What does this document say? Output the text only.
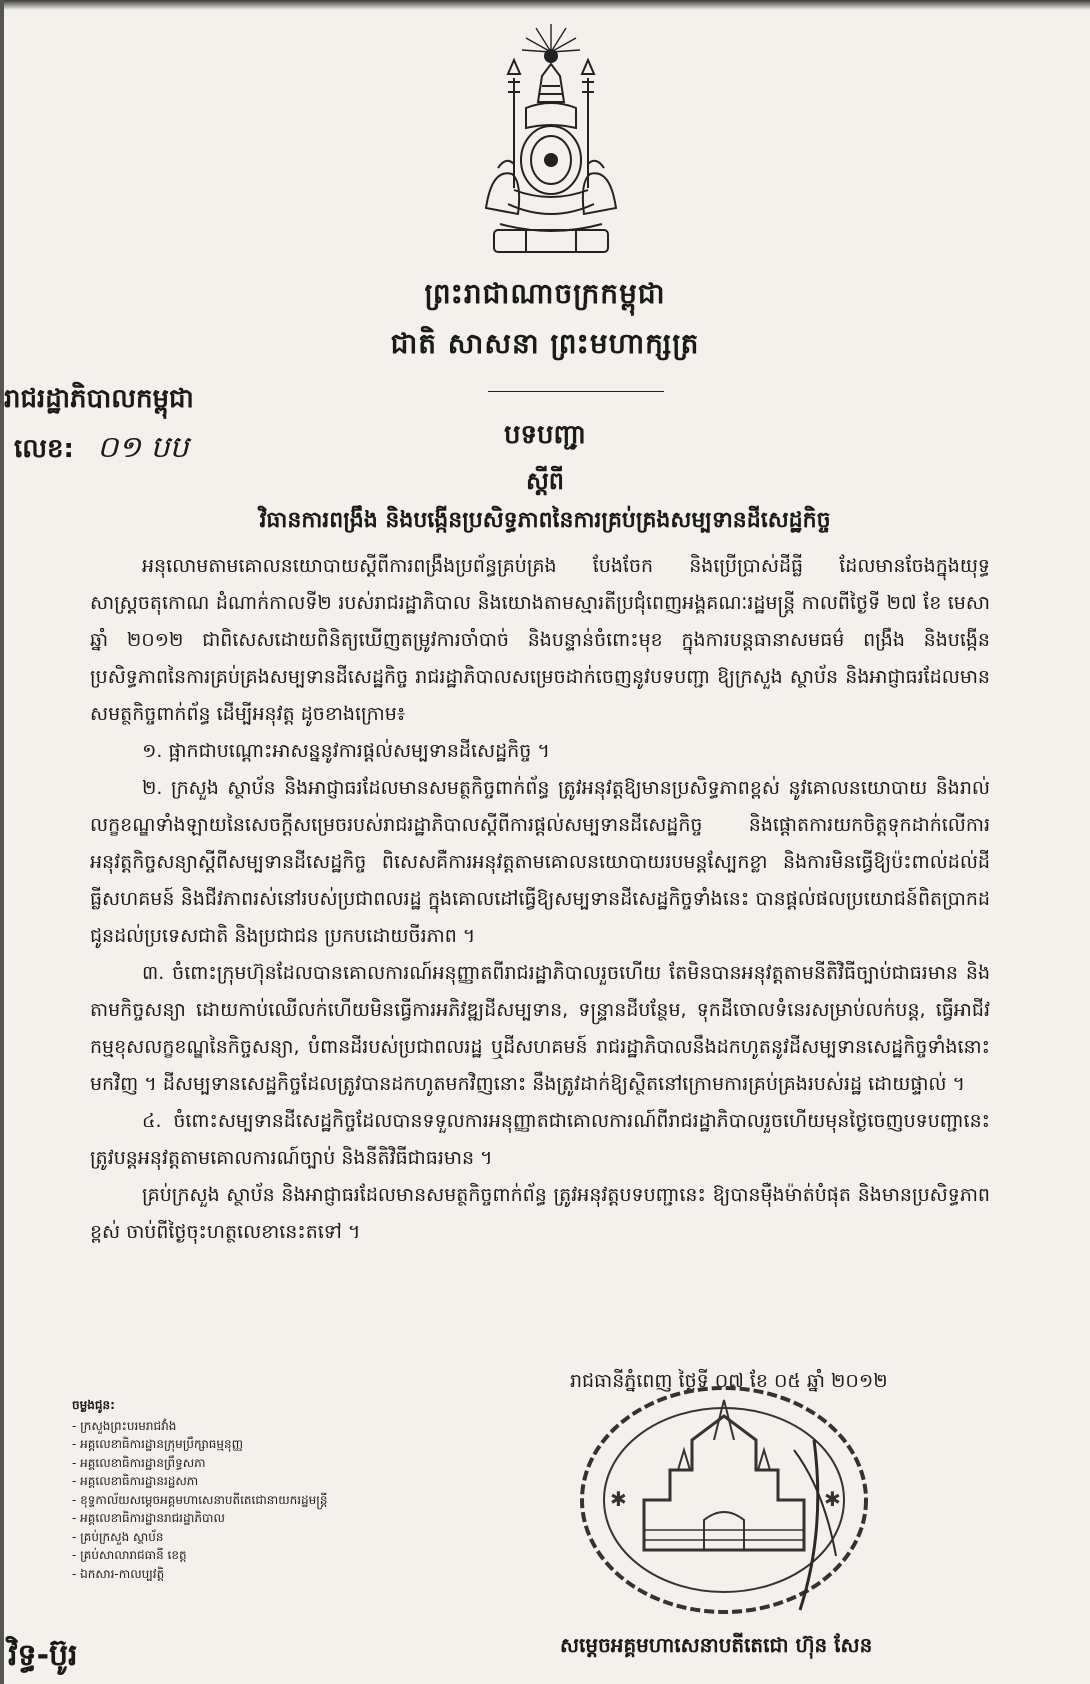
ព្រះរាជាណាចក្រកម្ពុជា
ជាតិ សាសនា ព្រះមហាក្សត្រ
រាជរដ្ឋាភិបាលកម្ពុជា
លេខ: ០១ បប	បទបញ្ជា
ស្ដីពី
វិធានការពង្រឹង និងបង្កើនប្រសិទ្ធភាពនៃការគ្រប់គ្រងសម្បទានដីសេដ្ឋកិច្ច

អនុលោមតាមគោលនយោបាយស្ដីពីការពង្រឹងប្រព័ន្ធគ្រប់គ្រង បែងចែក និងប្រើប្រាស់ដីធ្លី ដែលមានចែងក្នុងយុទ្ធសាស្ត្រចតុកោណ ដំណាក់កាលទី២ របស់រាជរដ្ឋាភិបាល និងយោងតាមស្មារតីប្រជុំពេញអង្គគណៈរដ្ឋមន្ត្រី កាលពីថ្ងៃទី ២៧ ខែ មេសា ឆ្នាំ ២០១២ ជាពិសេសដោយពិនិត្យឃើញតម្រូវការចាំបាច់ និងបន្ទាន់ចំពោះមុខ ក្នុងការបន្តធានាសមធម៌ ពង្រឹង និងបង្កើនប្រសិទ្ធភាពនៃការគ្រប់គ្រងសម្បទានដីសេដ្ឋកិច្ច រាជរដ្ឋាភិបាលសម្រេចដាក់ចេញនូវបទបញ្ជា ឱ្យក្រសួង ស្ថាប័ន និងអាជ្ញាធរដែលមានសមត្ថកិច្ចពាក់ព័ន្ធ ដើម្បីអនុវត្ត ដូចខាងក្រោម៖

១. ផ្អាកជាបណ្ដោះអាសន្ននូវការផ្ដល់សម្បទានដីសេដ្ឋកិច្ច ។

២. ក្រសួង ស្ថាប័ន និងអាជ្ញាធរដែលមានសមត្ថកិច្ចពាក់ព័ន្ធ ត្រូវអនុវត្តឱ្យមានប្រសិទ្ធភាពខ្ពស់ នូវគោលនយោបាយ និងរាល់លក្ខខណ្ឌទាំងឡាយនៃសេចក្ដីសម្រេចរបស់រាជរដ្ឋាភិបាលស្ដីពីការផ្ដល់សម្បទានដីសេដ្ឋកិច្ច និងផ្ដោតការយកចិត្តទុកដាក់លើការអនុវត្តកិច្ចសន្យាស្ដីពីសម្បទានដីសេដ្ឋកិច្ច ពិសេសគឺការអនុវត្តតាមគោលនយោបាយរបមន្តស្បែកខ្លា និងការមិនធ្វើឱ្យប៉ះពាល់ដល់ដីធ្លីសហគមន៍ និងជីវភាពរស់នៅរបស់ប្រជាពលរដ្ឋ ក្នុងគោលដៅធ្វើឱ្យសម្បទានដីសេដ្ឋកិច្ចទាំងនេះ បានផ្ដល់ផលប្រយោជន៍ពិតប្រាកដ ជូនដល់ប្រទេសជាតិ និងប្រជាជន ប្រកបដោយចីរភាព ។

៣. ចំពោះក្រុមហ៊ុនដែលបានគោលការណ៍អនុញ្ញាតពីរាជរដ្ឋាភិបាលរួចហើយ តែមិនបានអនុវត្តតាមនីតិវិធីច្បាប់ជាធរមាន និងតាមកិច្ចសន្យា ដោយកាប់ឈើលក់ហើយមិនធ្វើការអភិវឌ្ឍដីសម្បទាន, ទន្ទ្រានដីបន្ថែម, ទុកដីចោលទំនេរសម្រាប់លក់បន្ត, ធ្វើអាជីវកម្មខុសលក្ខខណ្ឌនៃកិច្ចសន្យា, បំពានដីរបស់ប្រជាពលរដ្ឋ ឬដីសហគមន៍ រាជរដ្ឋាភិបាលនឹងដកហូតនូវដីសម្បទានសេដ្ឋកិច្ចទាំងនោះមកវិញ ។ ដីសម្បទានសេដ្ឋកិច្ចដែលត្រូវបានដកហូតមកវិញនោះ នឹងត្រូវដាក់ឱ្យស្ថិតនៅក្រោមការគ្រប់គ្រងរបស់រដ្ឋ ដោយផ្ទាល់ ។

៤. ចំពោះសម្បទានដីសេដ្ឋកិច្ចដែលបានទទួលការអនុញ្ញាតជាគោលការណ៍ពីរាជរដ្ឋាភិបាលរួចហើយមុនថ្ងៃចេញបទបញ្ជានេះ ត្រូវបន្តអនុវត្តតាមគោលការណ៍ច្បាប់ និងនីតិវិធីជាធរមាន ។

គ្រប់ក្រសួង ស្ថាប័ន និងអាជ្ញាធរដែលមានសមត្ថកិច្ចពាក់ព័ន្ធ ត្រូវអនុវត្តបទបញ្ជានេះ ឱ្យបានម៉ឺងម៉ាត់បំផុត និងមានប្រសិទ្ធភាពខ្ពស់ ចាប់ពីថ្ងៃចុះហត្ថលេខានេះតទៅ ។

រាជធានីភ្នំពេញ ថ្ងៃទី ០៧ ខែ ០៥ ឆ្នាំ ២០១២
✱	✱
សម្ដេចអគ្គមហាសេនាបតីតេជោ ហ៊ុន សែន
ចម្លងជូន:
- ក្រសួងព្រះបរមរាជវាំង
- អគ្គលេខាធិការដ្ឋានក្រុមប្រឹក្សាធម្មនុញ្ញ
- អគ្គលេខាធិការដ្ឋានព្រឹទ្ធសភា
- អគ្គលេខាធិការដ្ឋានរដ្ឋសភា
- ខុទ្ទកាល័យសម្ដេចអគ្គមហាសេនាបតីតេជោនាយករដ្ឋមន្ត្រី
- អគ្គលេខាធិការដ្ឋានរាជរដ្ឋាភិបាល
- គ្រប់ក្រសួង ស្ថាប័ន
- គ្រប់សាលារាជធានី ខេត្ត
- ឯកសារ-កាលប្បវត្តិ
វិទ្ធ-ប៊ូរ
